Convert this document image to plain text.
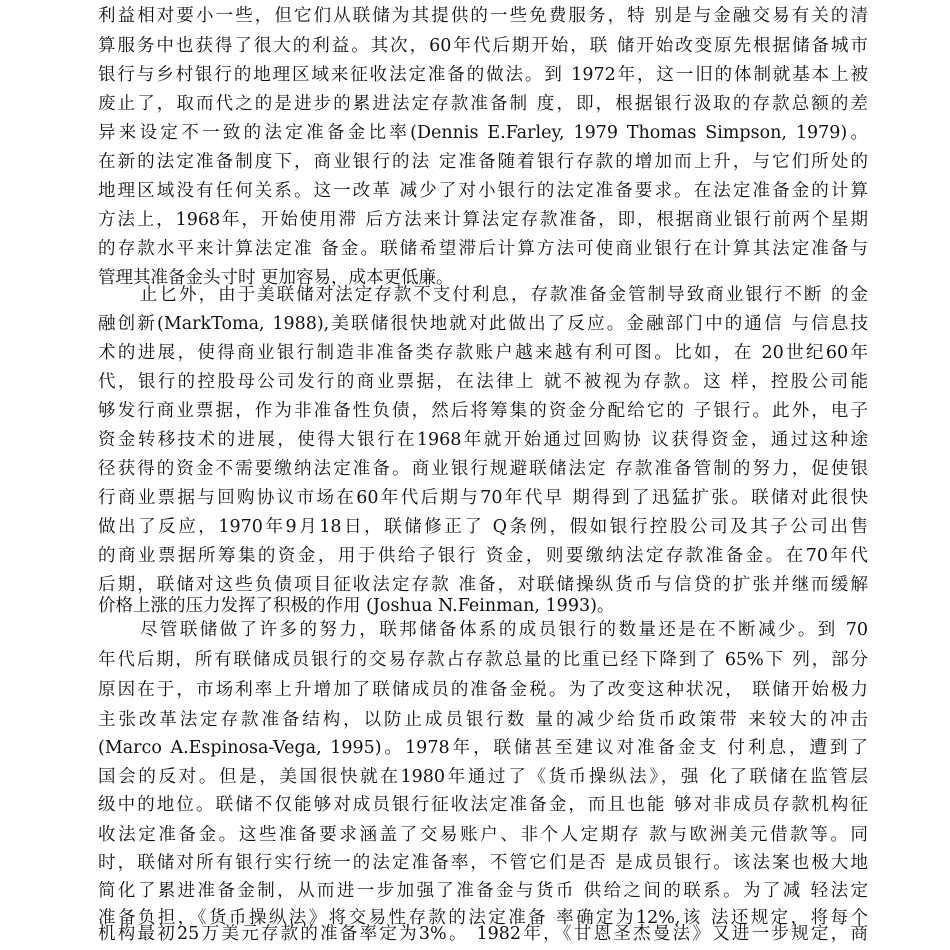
利益相对要小一些，但它们从联储为其提供的一些免费服务，特 别是与金融交易有关的清

算服务中也获得了很大的利益。其次，60年代后期开始，联 储开始改变原先根据储备城市

银行与乡村银行的地理区域来征收法定准备的做法。到 1972年，这一旧的体制就基本上被

废止了，取而代之的是进步的累进法定存款准备制 度，即，根据银行汲取的存款总额的差

异来设定不一致的法定准备金比率(Dennis E.Farley, 1979 Thomas Simpson, 1979)。

在新的法定准备制度下，商业银行的法 定准备随着银行存款的增加而上升，与它们所处的

地理区域没有任何关系。这一改革 减少了对小银行的法定准备要求。在法定准备金的计算

方法上，1968年，开始使用滞 后方法来计算法定存款准备，即，根据商业银行前两个星期

的存款水平来计算法定准 备金。联储希望滞后计算方法可使商业银行在计算其法定准备与

管理其准备金头寸时 更加容易，成本更低廉。

止匕外，由于美联储对法定存款不支付利息，存款准备金管制导致商业银行不断 的金

融创新(MarkToma, 1988),美联储很快地就对此做出了反应。金融部门中的通信 与信息技

术的进展，使得商业银行制造非准备类存款账户越来越有利可图。比如，在 20世纪60年

代，银行的控股母公司发行的商业票据，在法律上 就不被视为存款。这 样，控股公司能

够发行商业票据，作为非准备性负债，然后将筹集的资金分配给它的 子银行。此外，电子

资金转移技术的进展，使得大银行在1968年就开始通过回购协 议获得资金，通过这种途

径获得的资金不需要缴纳法定准备。商业银行规避联储法定 存款准备管制的努力，促使银

行商业票据与回购协议市场在60年代后期与70年代早 期得到了迅猛扩张。联储对此很快

做出了反应，1970年9月18日，联储修正了 Q条例，假如银行控股公司及其子公司出售

的商业票据所筹集的资金，用于供给子银行 资金，则要缴纳法定存款准备金。在70年代

后期，联储对这些负债项目征收法定存款 准备，对联储操纵货币与信贷的扩张并继而缓解

价格上涨的压力发挥了积极的作用 (Joshua N.Feinman, 1993)。

尽管联储做了许多的努力，联邦储备体系的成员银行的数量还是在不断减少。到 70

年代后期，所有联储成员银行的交易存款占存款总量的比重已经下降到了 65%下 列，部分

原因在于，市场利率上升增加了联储成员的准备金税。为了改变这种状况， 联储开始极力

主张改革法定存款准备结构，以防止成员银行数 量的减少给货币政策带 来较大的冲击

(Marco A.Espinosa-Vega, 1995)。1978年，联储甚至建议对准备金支 付利息，遭到了

国会的反对。但是，美国很快就在1980年通过了《货币操纵法》，强 化了联储在监管层

级中的地位。联储不仅能够对成员银行征收法定准备金，而且也能 够对非成员存款机构征

收法定准备金。这些准备要求涵盖了交易账户、非个人定期存 款与欧洲美元借款等。同

时，联储对所有银行实行统一的法定准备率，不管它们是否 是成员银行。该法案也极大地

简化了累进准备金制，从而进一步加强了准备金与货币 供给之间的联系。为了减 轻法定

准备负担，《货币操纵法》将交易性存款的法定准备 率确定为12%,该 法还规定，将每个

机构最初25万美元存款的准备率定为3%。 1982年，《甘恩圣杰曼法》又进一步规定，商
